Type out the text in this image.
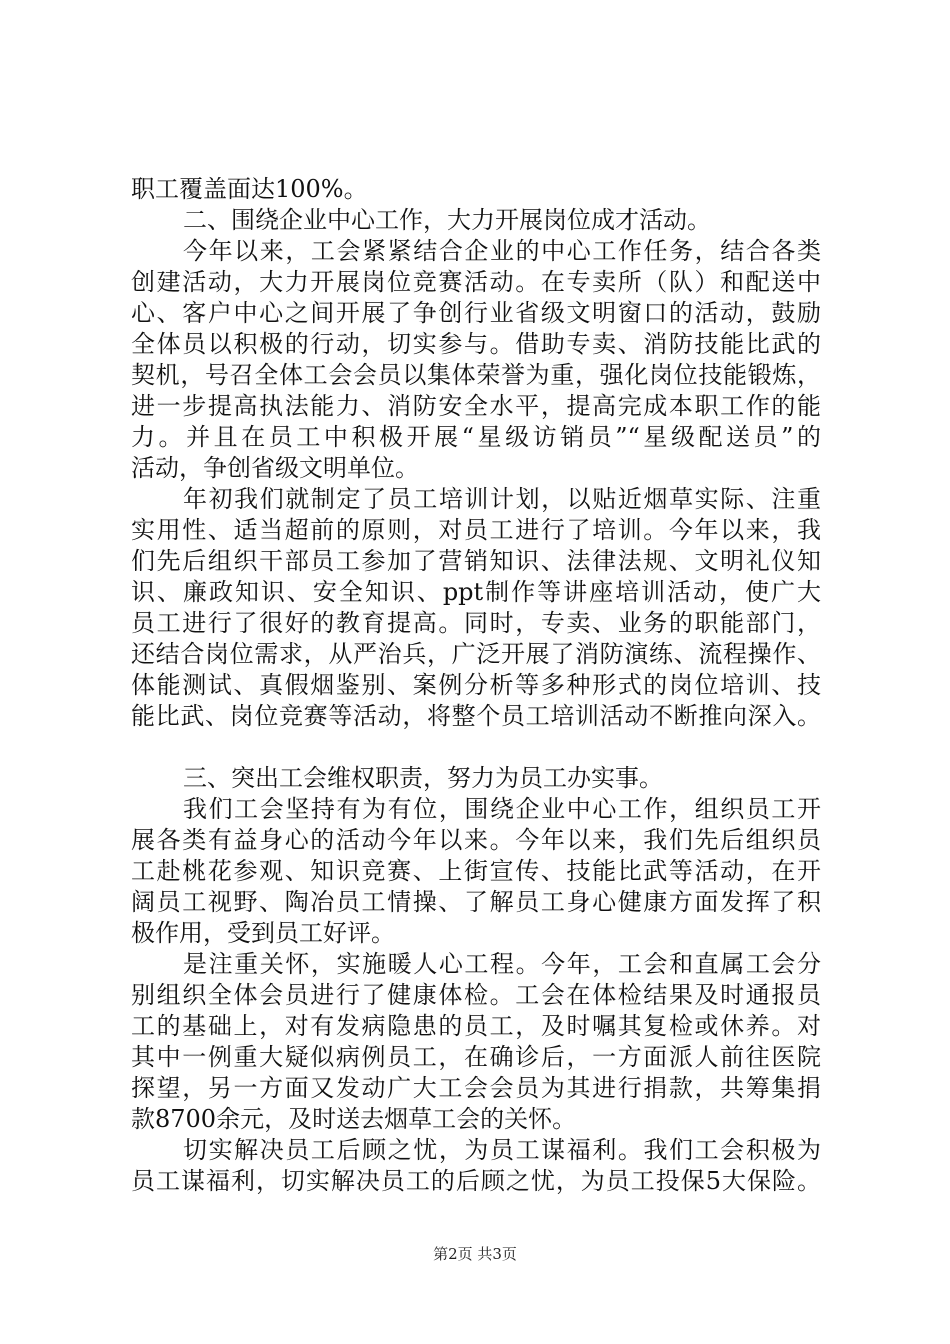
职工覆盖面达100%。
二、围绕企业中心工作，大力开展岗位成才活动。
今年以来，工会紧紧结合企业的中心工作任务，结合各类
创建活动，大力开展岗位竞赛活动。在专卖所（队）和配送中
心、客户中心之间开展了争创行业省级文明窗口的活动，鼓励
全体员以积极的行动，切实参与。借助专卖、消防技能比武的
契机，号召全体工会会员以集体荣誉为重，强化岗位技能锻炼，
进一步提高执法能力、消防安全水平，提高完成本职工作的能
力。并且在员工中积极开展“星级访销员”“星级配送员”的
活动，争创省级文明单位。
年初我们就制定了员工培训计划，以贴近烟草实际、注重
实用性、适当超前的原则，对员工进行了培训。今年以来，我
们先后组织干部员工参加了营销知识、法律法规、文明礼仪知
识、廉政知识、安全知识、ppt制作等讲座培训活动，使广大
员工进行了很好的教育提高。同时，专卖、业务的职能部门，
还结合岗位需求，从严治兵，广泛开展了消防演练、流程操作、
体能测试、真假烟鉴别、案例分析等多种形式的岗位培训、技
能比武、岗位竞赛等活动，将整个员工培训活动不断推向深入。
三、突出工会维权职责，努力为员工办实事。
我们工会坚持有为有位，围绕企业中心工作，组织员工开
展各类有益身心的活动今年以来。今年以来，我们先后组织员
工赴桃花参观、知识竞赛、上街宣传、技能比武等活动，在开
阔员工视野、陶冶员工情操、了解员工身心健康方面发挥了积
极作用，受到员工好评。
是注重关怀，实施暖人心工程。今年，工会和直属工会分
别组织全体会员进行了健康体检。工会在体检结果及时通报员
工的基础上，对有发病隐患的员工，及时嘱其复检或休养。对
其中一例重大疑似病例员工，在确诊后，一方面派人前往医院
探望，另一方面又发动广大工会会员为其进行捐款，共筹集捐
款8700余元，及时送去烟草工会的关怀。
切实解决员工后顾之忧，为员工谋福利。我们工会积极为
员工谋福利，切实解决员工的后顾之忧，为员工投保5大保险。
第2页 共3页
